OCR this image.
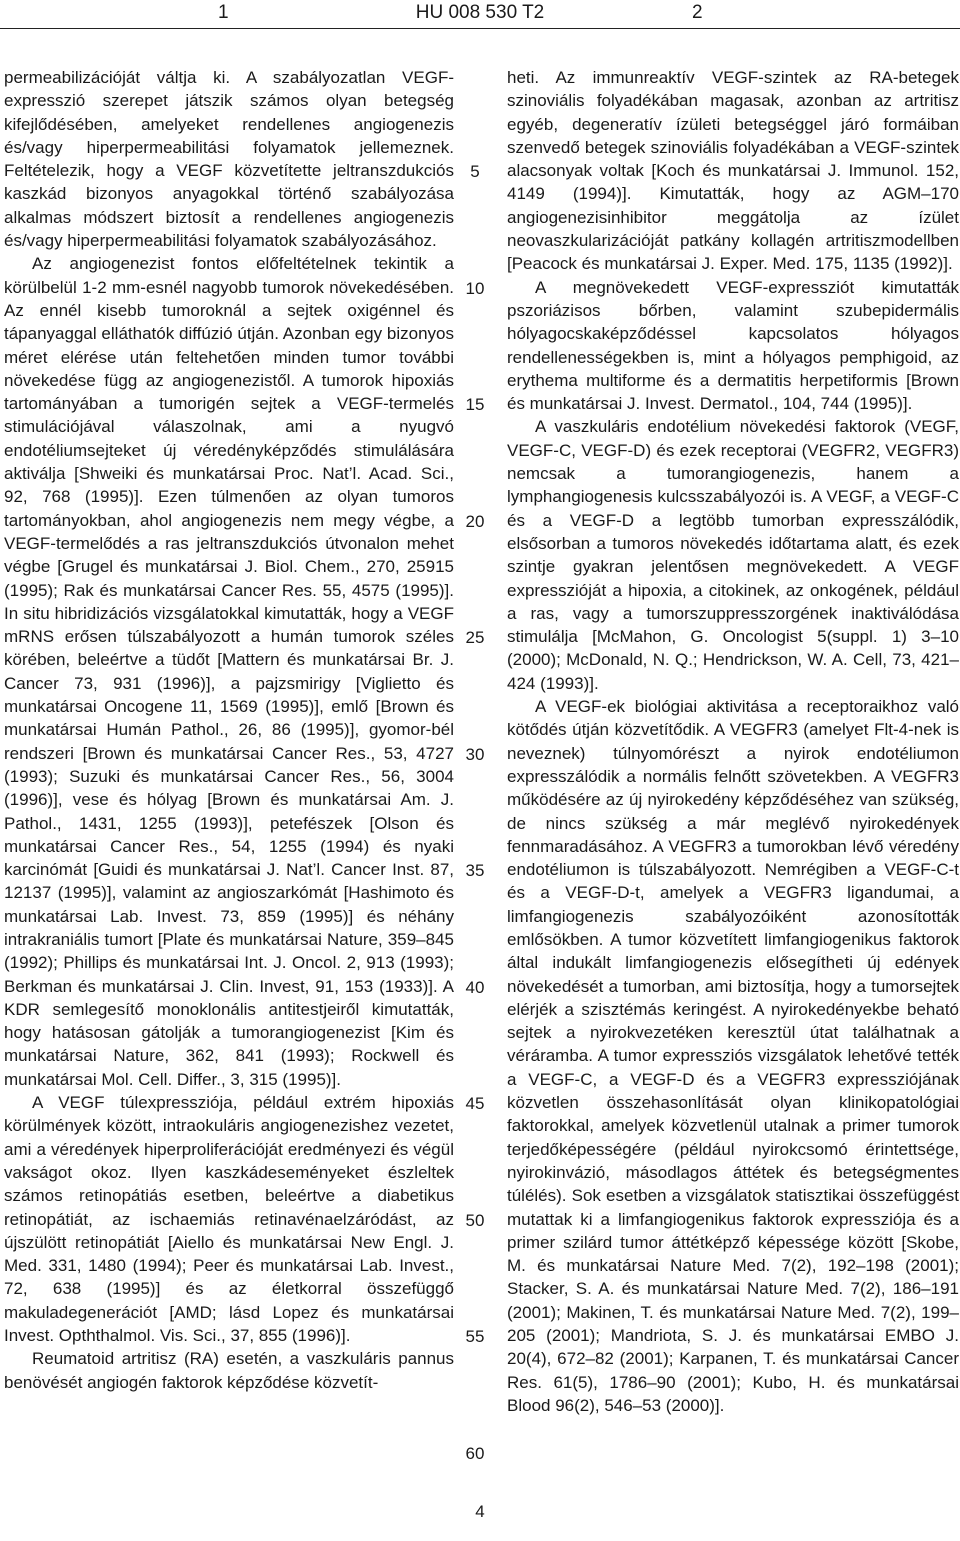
1	HU 008 530 T2	2

permeabilizációját váltja ki. A szabályozatlan VEGF-expresszió szerepet játszik számos olyan betegség kifejlődésében, amelyeket rendellenes angiogenezis és/vagy hiperpermeabilitási folyamatok jellemeznek. Feltételezik, hogy a VEGF közvetítette jeltranszdukciós kaszkád bizonyos anyagokkal történő szabályozása alkalmas módszert biztosít a rendellenes angiogenezis és/vagy hiperpermeabilitási folyamatok szabályozásához.

Az angiogenezist fontos előfeltételnek tekintik a körülbelül 1-2 mm-esnél nagyobb tumorok növekedésében. Az ennél kisebb tumoroknál a sejtek oxigénnel és tápanyaggal elláthatók diffúzió útján. Azonban egy bizonyos méret elérése után feltehetően minden tumor további növekedése függ az angiogenezistől. A tumorok hipoxiás tartományában a tumorigén sejtek a VEGF-termelés stimulációjával válaszolnak, ami a nyugvó endotéliumsejteket új véredényképződés stimulálására aktiválja [Shweiki és munkatársai Proc. Nat’l. Acad. Sci., 92, 768 (1995)]. Ezen túlmenően az olyan tumoros tartományokban, ahol angiogenezis nem megy végbe, a VEGF-termelődés a ras jeltranszdukciós útvonalon mehet végbe [Grugel és munkatársai J. Biol. Chem., 270, 25915 (1995); Rak és munkatársai Cancer Res. 55, 4575 (1995)]. In situ hibridizációs vizsgálatokkal kimutatták, hogy a VEGF mRNS erősen túlszabályozott a humán tumorok széles körében, beleértve a tüdőt [Mattern és munkatársai Br. J. Cancer 73, 931 (1996)], a pajzsmirigy [Viglietto és munkatársai Oncogene 11, 1569 (1995)], emlő [Brown és munkatársai Humán Pathol., 26, 86 (1995)], gyomor-bél rendszeri [Brown és munkatársai Cancer Res., 53, 4727 (1993); Suzuki és munkatársai Cancer Res., 56, 3004 (1996)], vese és hólyag [Brown és munkatársai Am. J. Pathol., 1431, 1255 (1993)], petefészek [Olson és munkatársai Cancer Res., 54, 1255 (1994) és nyaki karcinómát [Guidi és munkatársai J. Nat’l. Cancer Inst. 87, 12137 (1995)], valamint az angioszarkómát [Hashimoto és munkatársai Lab. Invest. 73, 859 (1995)] és néhány intrakraniális tumort [Plate és munkatársai Nature, 359–845 (1992); Phillips és munkatársai Int. J. Oncol. 2, 913 (1993); Berkman és munkatársai J. Clin. Invest, 91, 153 (1933)]. A KDR semlegesítő monoklonális antitestjeiről kimutatták, hogy hatásosan gátolják a tumorangiogenezist [Kim és munkatársai Nature, 362, 841 (1993); Rockwell és munkatársai Mol. Cell. Differ., 3, 315 (1995)].

A VEGF túlexpressziója, például extrém hipoxiás körülmények között, intraokuláris angiogenezishez vezetet, ami a véredények hiperproliferációját eredményezi és végül vakságot okoz. Ilyen kaszkádeseményeket észleltek számos retinopátiás esetben, beleértve a diabetikus retinopátiát, az ischaemiás retinavénaelzáródást, az újszülött retinopátiát [Aiello és munkatársai New Engl. J. Med. 331, 1480 (1994); Peer és munkatársai Lab. Invest., 72, 638 (1995)] és az életkorral összefüggő makuladegenerációt [AMD; lásd Lopez és munkatársai Invest. Opththalmol. Vis. Sci., 37, 855 (1996)].

Reumatoid artritisz (RA) esetén, a vaszkuláris pannus benövését angiogén faktorok képződése közvetít-

5
10
15
20
25
30
35
40
45
50
55
60

heti. Az immunreaktív VEGF-szintek az RA-betegek szinoviális folyadékában magasak, azonban az artritisz egyéb, degeneratív ízületi betegséggel járó formáiban szenvedő betegek szinoviális folyadékában a VEGF-szintek alacsonyak voltak [Koch és munkatársai J. Immunol. 152, 4149 (1994)]. Kimutatták, hogy az AGM–170 angiogenezisinhibitor meggátolja az ízület neovaszkularizációját patkány kollagén artritiszmodellben [Peacock és munkatársai J. Exper. Med. 175, 1135 (1992)].

A megnövekedett VEGF-expressziót kimutatták pszoriázisos bőrben, valamint szubepidermális hólyagocskaképződéssel kapcsolatos hólyagos rendellenességekben is, mint a hólyagos pemphigoid, az erythema multiforme és a dermatitis herpetiformis [Brown és munkatársai J. Invest. Dermatol., 104, 744 (1995)].

A vaszkuláris endotélium növekedési faktorok (VEGF, VEGF-C, VEGF-D) és ezek receptorai (VEGFR2, VEGFR3) nemcsak a tumorangiogenezis, hanem a lymphangiogenesis kulcsszabályozói is. A VEGF, a VEGF-C és a VEGF-D a legtöbb tumorban expresszálódik, elsősorban a tumoros növekedés időtartama alatt, és ezek szintje gyakran jelentősen megnövekedett. A VEGF expresszióját a hipoxia, a citokinek, az onkogének, például a ras, vagy a tumorszuppresszorgének inaktiválódása stimulálja [McMahon, G. Oncologist 5(suppl. 1) 3–10 (2000); McDonald, N. Q.; Hendrickson, W. A. Cell, 73, 421–424 (1993)].

A VEGF-ek biológiai aktivitása a receptoraikhoz való kötődés útján közvetítődik. A VEGFR3 (amelyet Flt-4-nek is neveznek) túlnyomórészt a nyirok endotéliumon expresszálódik a normális felnőtt szövetekben. A VEGFR3 működésére az új nyirokedény képződéséhez van szükség, de nincs szükség a már meglévő nyirokedények fennmaradásához. A VEGFR3 a tumorokban lévő véredény endotéliumon is túlszabályozott. Nemrégiben a VEGF-C-t és a VEGF-D-t, amelyek a VEGFR3 ligandumai, a limfangiogenezis szabályozóiként azonosították emlősökben. A tumor közvetített limfangiogenikus faktorok által indukált limfangiogenezis elősegítheti új edények növekedését a tumorban, ami biztosítja, hogy a tumorsejtek elérjék a szisztémás keringést. A nyirokedényekbe beható sejtek a nyirokvezetéken keresztül útat találhatnak a véráramba. A tumor expressziós vizsgálatok lehetővé tették a VEGF-C, a VEGF-D és a VEGFR3 expressziójának közvetlen összehasonlítását olyan klinikopatológiai faktorokkal, amelyek közvetlenül utalnak a primer tumorok terjedőképességére (például nyirokcsomó érintettsége, nyirokinvázió, másodlagos áttétek és betegségmentes túlélés). Sok esetben a vizsgálatok statisztikai összefüggést mutattak ki a limfangiogenikus faktorok expressziója és a primer szilárd tumor áttétképző képessége között [Skobe, M. és munkatársai Nature Med. 7(2), 192–198 (2001); Stacker, S. A. és munkatársai Nature Med. 7(2), 186–191 (2001); Makinen, T. és munkatársai Nature Med. 7(2), 199–205 (2001); Mandriota, S. J. és munkatársai EMBO J. 20(4), 672–82 (2001); Karpanen, T. és munkatársai Cancer Res. 61(5), 1786–90 (2001); Kubo, H. és munkatársai Blood 96(2), 546–53 (2000)].

4
